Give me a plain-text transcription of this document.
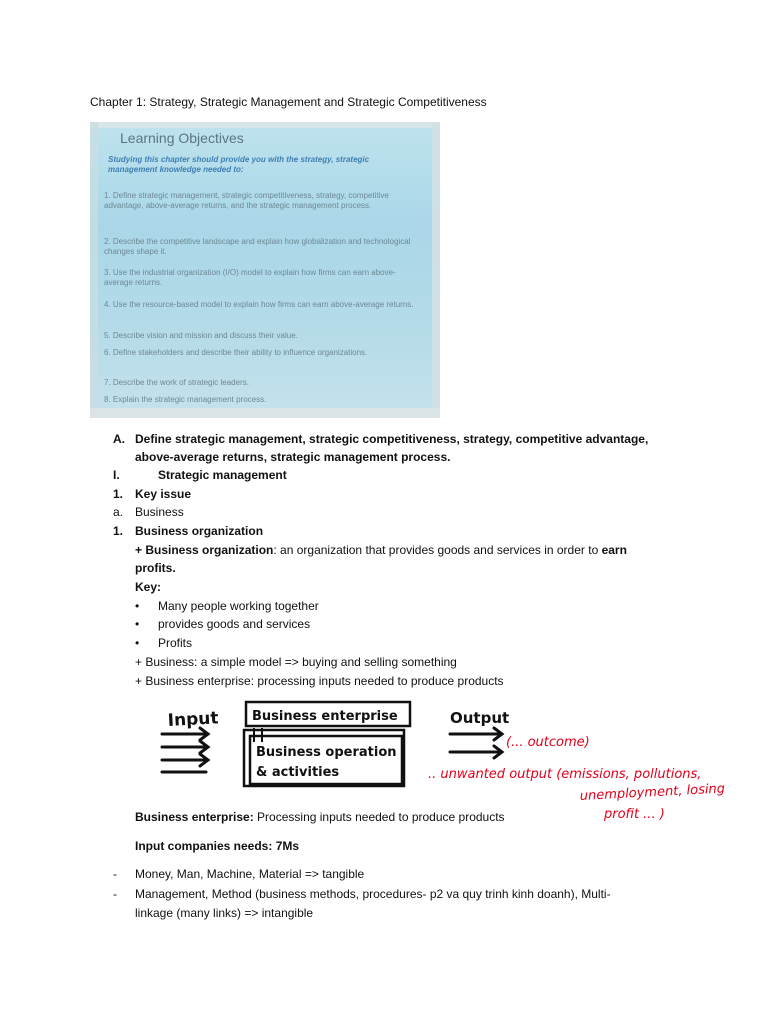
Chapter 1: Strategy, Strategic Management and Strategic Competitiveness
Learning Objectives
Studying this chapter should provide you with the strategy, strategic management knowledge needed to:
1. Define strategic management, strategic competitiveness, strategy, competitive advantage, above-average returns, and the strategic management process.
2. Describe the competitive landscape and explain how globalization and technological changes shape it.
3. Use the industrial organization (I/O) model to explain how firms can earn above-average returns.
4. Use the resource-based model to explain how firms can earn above-average returns.
5. Describe vision and mission and discuss their value.
6. Define stakeholders and describe their ability to influence organizations.
7. Describe the work of strategic leaders.
8. Explain the strategic management process.
A. Define strategic management, strategic competitiveness, strategy, competitive advantage,
above-average returns, strategic management process.
I.	Strategic management
1. Key issue
a. Business
1. Business organization
+ Business organization: an organization that provides goods and services in order to earn
profits.
Key:
• Many people working together
• provides goods and services
• Profits
+ Business: a simple model => buying and selling something
+ Business enterprise: processing inputs needed to produce products
Input	Business enterprise
Business operation
& activities
Output
(... outcome)
.. unwanted output (emissions, pollutions,
unemployment, losing
profit ... )
Business enterprise: Processing inputs needed to produce products
Input companies needs: 7Ms
- Money, Man, Machine, Material => tangible
- Management, Method (business methods, procedures- p2 va quy trinh kinh doanh), Multi-
linkage (many links) => intangible
